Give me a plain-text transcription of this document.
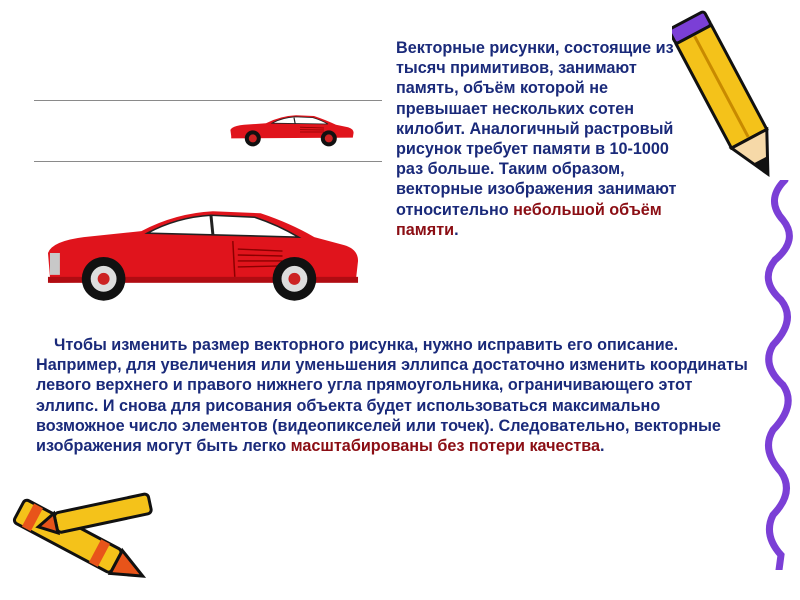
Векторные рисунки, состоящие из тысяч примитивов, занимают память, объём которой не превышает нескольких сотен килобит. Аналогичный растровый рисунок требует памяти в 10-1000 раз больше. Таким образом, векторные изображения занимают относительно небольшой объём памяти.

Чтобы изменить размер векторного рисунка, нужно исправить его описание. Например, для увеличения или уменьшения эллипса достаточно изменить координаты левого верхнего и правого нижнего угла прямоугольника, ограничивающего этот эллипс. И снова для рисования объекта будет использоваться максимально возможное число элементов (видеопикселей или точек). Следовательно, векторные изображения могут быть легко масштабированы без потери качества.
